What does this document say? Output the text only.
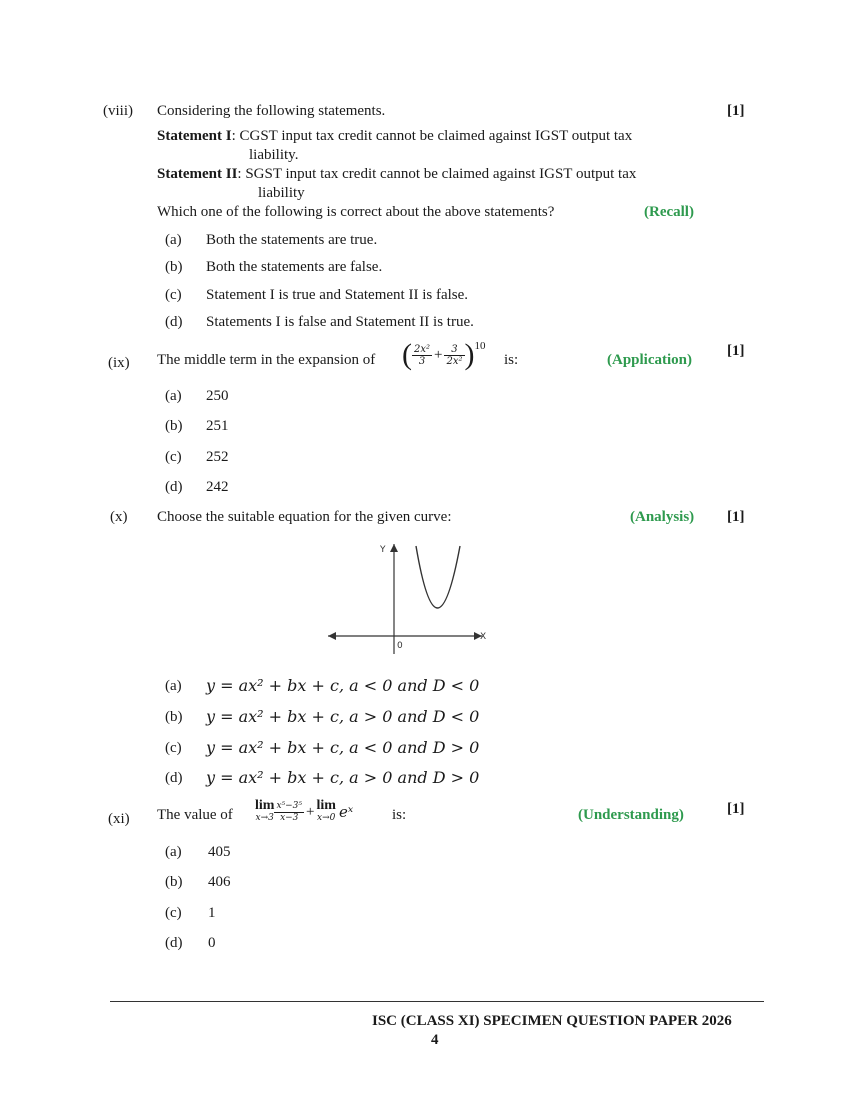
(viii) Considering the following statements.	[1]
Statement I: CGST input tax credit cannot be claimed against IGST output tax
liability.
Statement II: SGST input tax credit cannot be claimed against IGST output tax
liability
Which one of the following is correct about the above statements?	(Recall)
(a) Both the statements are true.
(b) Both the statements are false.
(c) Statement I is true and Statement II is false.
(d) Statements I is false and Statement II is true.
(ix) The middle term in the expansion of ( $\frac{\text{2x²}}{3} + \frac{3}{\text{2x²}} )^{10}$
is:	(Application)
[1]
(a) 250
(b) 251
(c) 252
(d) 242
(x) Choose the suitable equation for the given curve:	(Analysis) [1]
Y
X
0
(a) y = ax² + bx + c, a < 0 and D < 0
(b) y = ax² + bx + c, a > 0 and D < 0
(c) y = ax² + bx + c, a < 0 and D > 0
(d) y = ax² + bx + c, a > 0 and D > 0
(xi) The value of
lim
$x\to 3 \frac{\text{x⁵−3⁵}}{x-3} + \lim$
x→0 eˣ	is:	(Understanding)	[1]
(a) 405
(b) 406
(c) 1
(d) 0
ISC (CLASS XI) SPECIMEN QUESTION PAPER 2026
4
